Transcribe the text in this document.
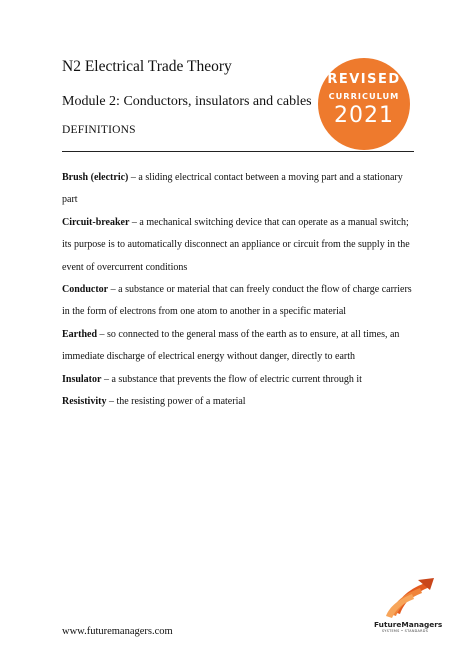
N2 Electrical Trade Theory
Module 2: Conductors, insulators and cables
DEFINITIONS
REVISED
CURRICULUM
2021

Brush (electric) – a sliding electrical contact between a moving part and a stationary part

Circuit-breaker – a mechanical switching device that can operate as a manual switch; its purpose is to automatically disconnect an appliance or circuit from the supply in the event of overcurrent conditions

Conductor – a substance or material that can freely conduct the flow of charge carriers in the form of electrons from one atom to another in a specific material

Earthed – so connected to the general mass of the earth as to ensure, at all times, an immediate discharge of electrical energy without danger, directly to earth

Insulator – a substance that prevents the flow of electric current through it

Resistivity – the resisting power of a material

www.futuremanagers.com
FutureManagers
SYSTEMS • STANDARDS
